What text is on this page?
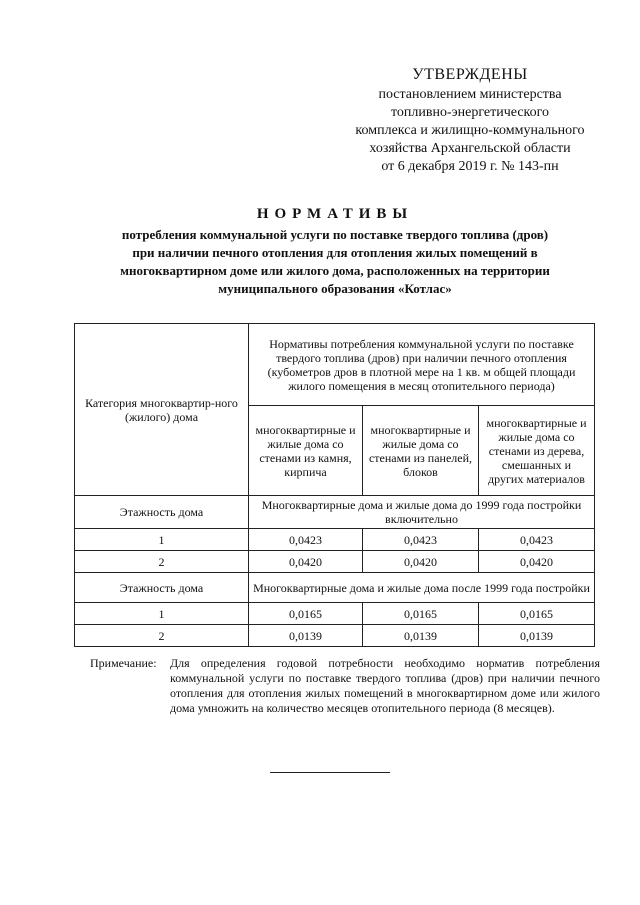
УТВЕРЖДЕНЫ
постановлением министерства
топливно-энергетического
комплекса и жилищно-коммунального
хозяйства Архангельской области
от 6 декабря 2019 г. № 143-пн
НОРМАТИВЫ
потребления коммунальной услуги по поставке твердого топлива (дров)
при наличии печного отопления для отопления жилых помещений в
многоквартирном доме или жилого дома, расположенных на территории
муниципального образования «Котлас»
Категория многоквартир-ного (жилого) дома	Нормативы потребления коммунальной услуги по поставке твердого топлива (дров) при наличии печного отопления (кубометров дров в плотной мере на 1 кв. м общей площади жилого помещения в месяц отопительного периода)		
	многоквартирные и жилые дома со стенами из камня, кирпича	многоквартирные и жилые дома со стенами из панелей, блоков	многоквартирные и жилые дома со стенами из дерева, смешанных и других материалов
Этажность дома	Многоквартирные дома и жилые дома до 1999 года постройки включительно		
1	0,0423	0,0423	0,0423
2	0,0420	0,0420	0,0420
Этажность дома	Многоквартирные дома и жилые дома после 1999 года постройки		
1	0,0165	0,0165	0,0165
2	0,0139	0,0139	0,0139
Примечание:	Для определения годовой потребности необходимо норматив потребления коммунальной услуги по поставке твердого топлива (дров) при наличии печного отопления для отопления жилых помещений в многоквартирном доме или жилого дома умножить на количество месяцев отопительного периода (8 месяцев).
